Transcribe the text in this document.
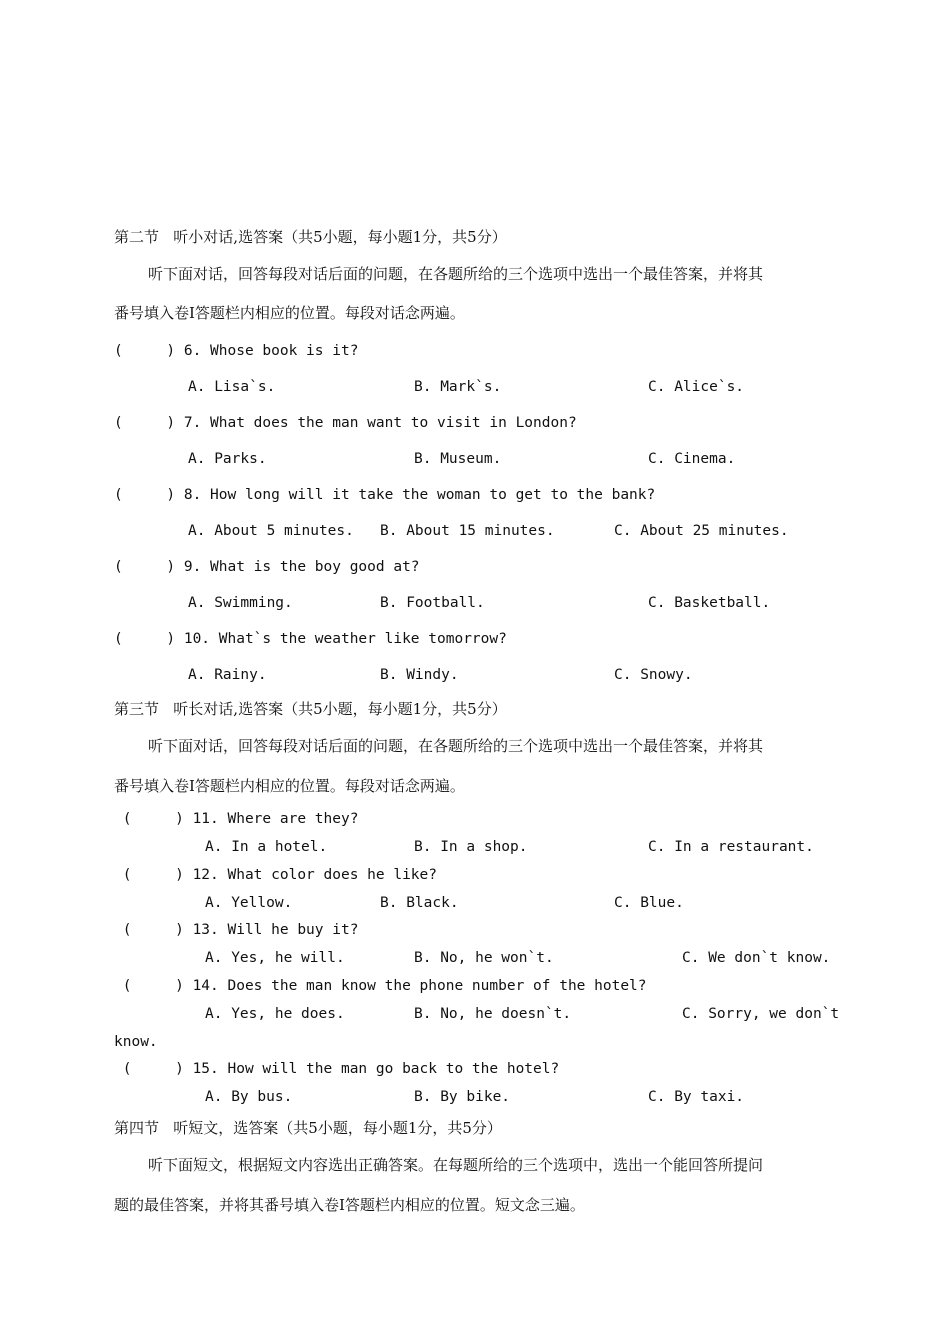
第二节   听小对话,选答案（共5小题，每小题1分，共5分）
听下面对话，回答每段对话后面的问题，在各题所给的三个选项中选出一个最佳答案，并将其
番号填入卷Ⅰ答题栏内相应的位置。每段对话念两遍。
(     ) 6. Whose book is it?
A. Lisa`s.	B. Mark`s.	C. Alice`s.
(     ) 7. What does the man want to visit in London?
A. Parks.	B. Museum.	C. Cinema.
(     ) 8. How long will it take the woman to get to the bank?
A. About 5 minutes. B. About 15 minutes.	C. About 25 minutes.
(     ) 9. What is the boy good at?
A. Swimming.	B. Football.	C. Basketball.
(     ) 10. What`s the weather like tomorrow?
A. Rainy.	B. Windy.	C. Snowy.
第三节   听长对话,选答案（共5小题，每小题1分，共5分）
听下面对话，回答每段对话后面的问题，在各题所给的三个选项中选出一个最佳答案，并将其
番号填入卷Ⅰ答题栏内相应的位置。每段对话念两遍。
(     ) 11. Where are they?
A. In a hotel.	B. In a shop.	C. In a restaurant.
(     ) 12. What color does he like?
A. Yellow.	B. Black.	C. Blue.
(     ) 13. Will he buy it?
A. Yes, he will.	B. No, he won`t.	C. We don`t know.
(     ) 14. Does the man know the phone number of the hotel?
A. Yes, he does.	B. No, he doesn`t.	C. Sorry, we don`t
know.
(     ) 15. How will the man go back to the hotel?
A. By bus.	B. By bike.	C. By taxi.
第四节   听短文，选答案（共5小题，每小题1分，共5分）
听下面短文，根据短文内容选出正确答案。在每题所给的三个选项中，选出一个能回答所提问
题的最佳答案，并将其番号填入卷Ⅰ答题栏内相应的位置。短文念三遍。
